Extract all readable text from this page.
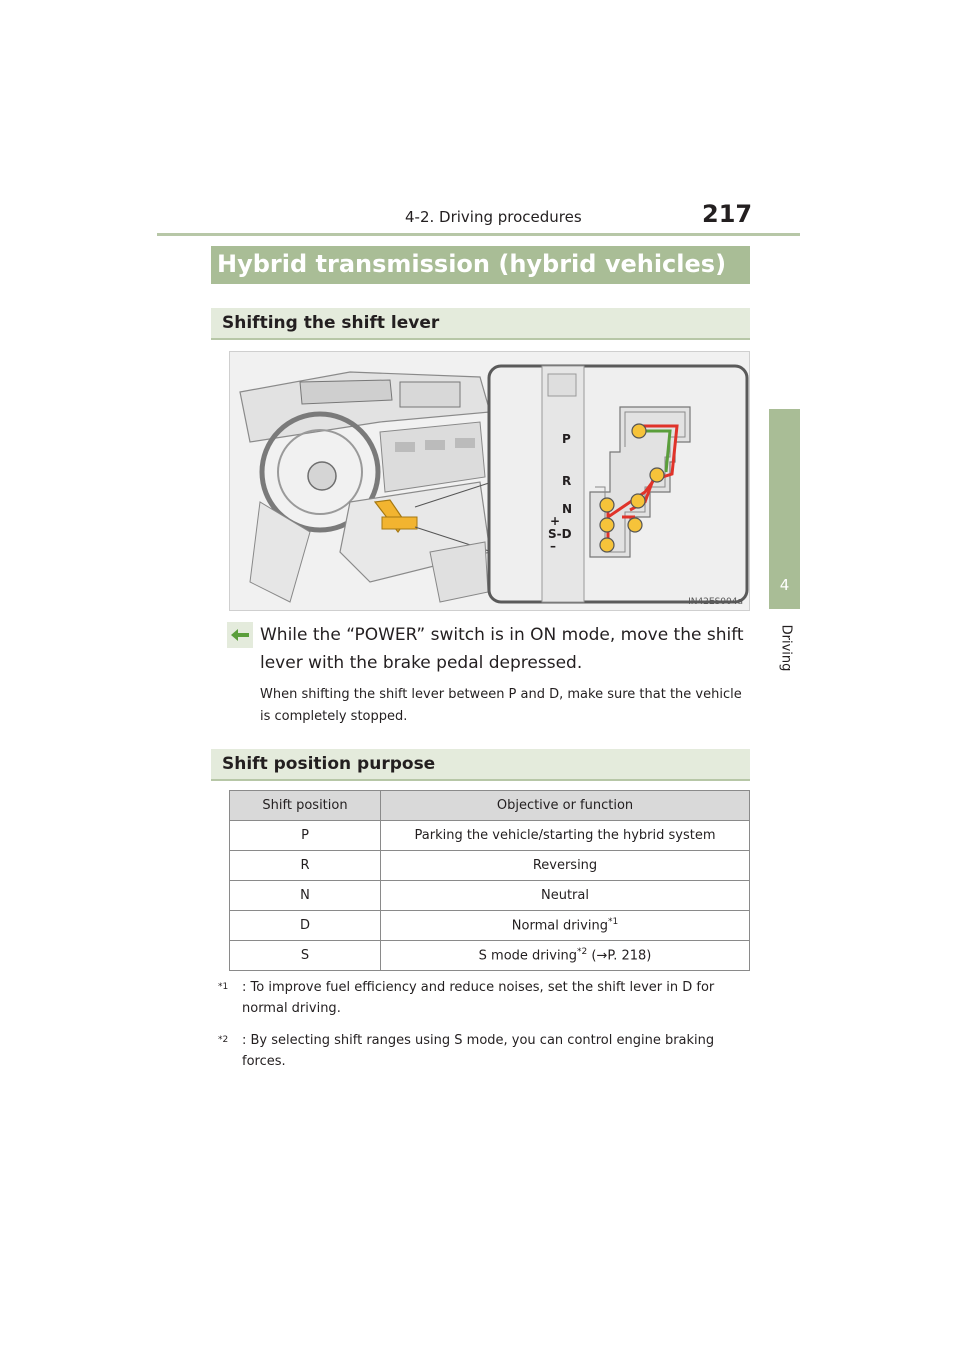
4-2. Driving procedures	217
4
Driving
Hybrid transmission (hybrid vehicles)
Shifting the shift lever
P
R
N
+
S-D
–
IN42ES004a
While the “POWER” switch is in ON mode, move the shift lever with the brake pedal depressed.
When shifting the shift lever between P and D, make sure that the vehicle is completely stopped.
Shift position purpose
Shift position	Objective or function
P	Parking the vehicle/starting the hybrid system
R	Reversing
N	Neutral
D	Normal driving$^{*1}$
S	S mode driving$^{*2}$ (→P. 218)
*1	: To improve fuel efficiency and reduce noises, set the shift lever in D for normal driving.
*2	: By selecting shift ranges using S mode, you can control engine braking forces.
